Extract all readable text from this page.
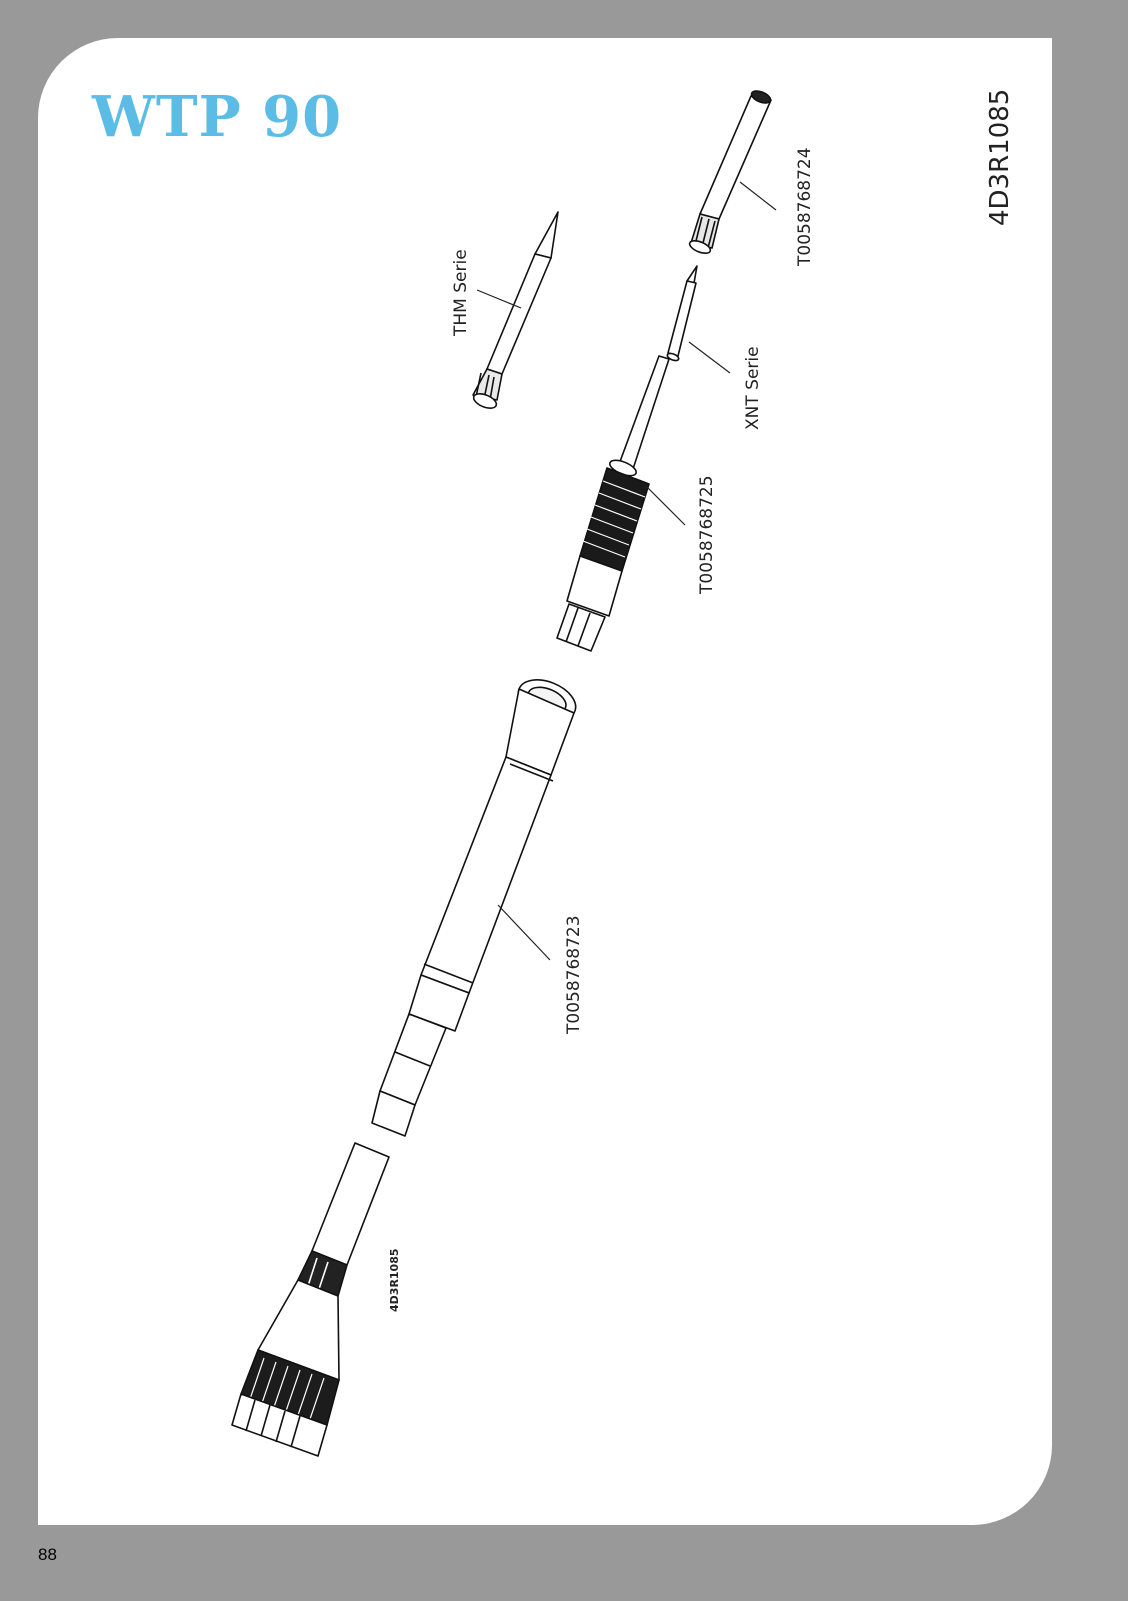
WTP 90	4D3R1085
THM Serie
T0058768724
XNT Serie
T0058768725
T0058768723
4D3R1085
88
